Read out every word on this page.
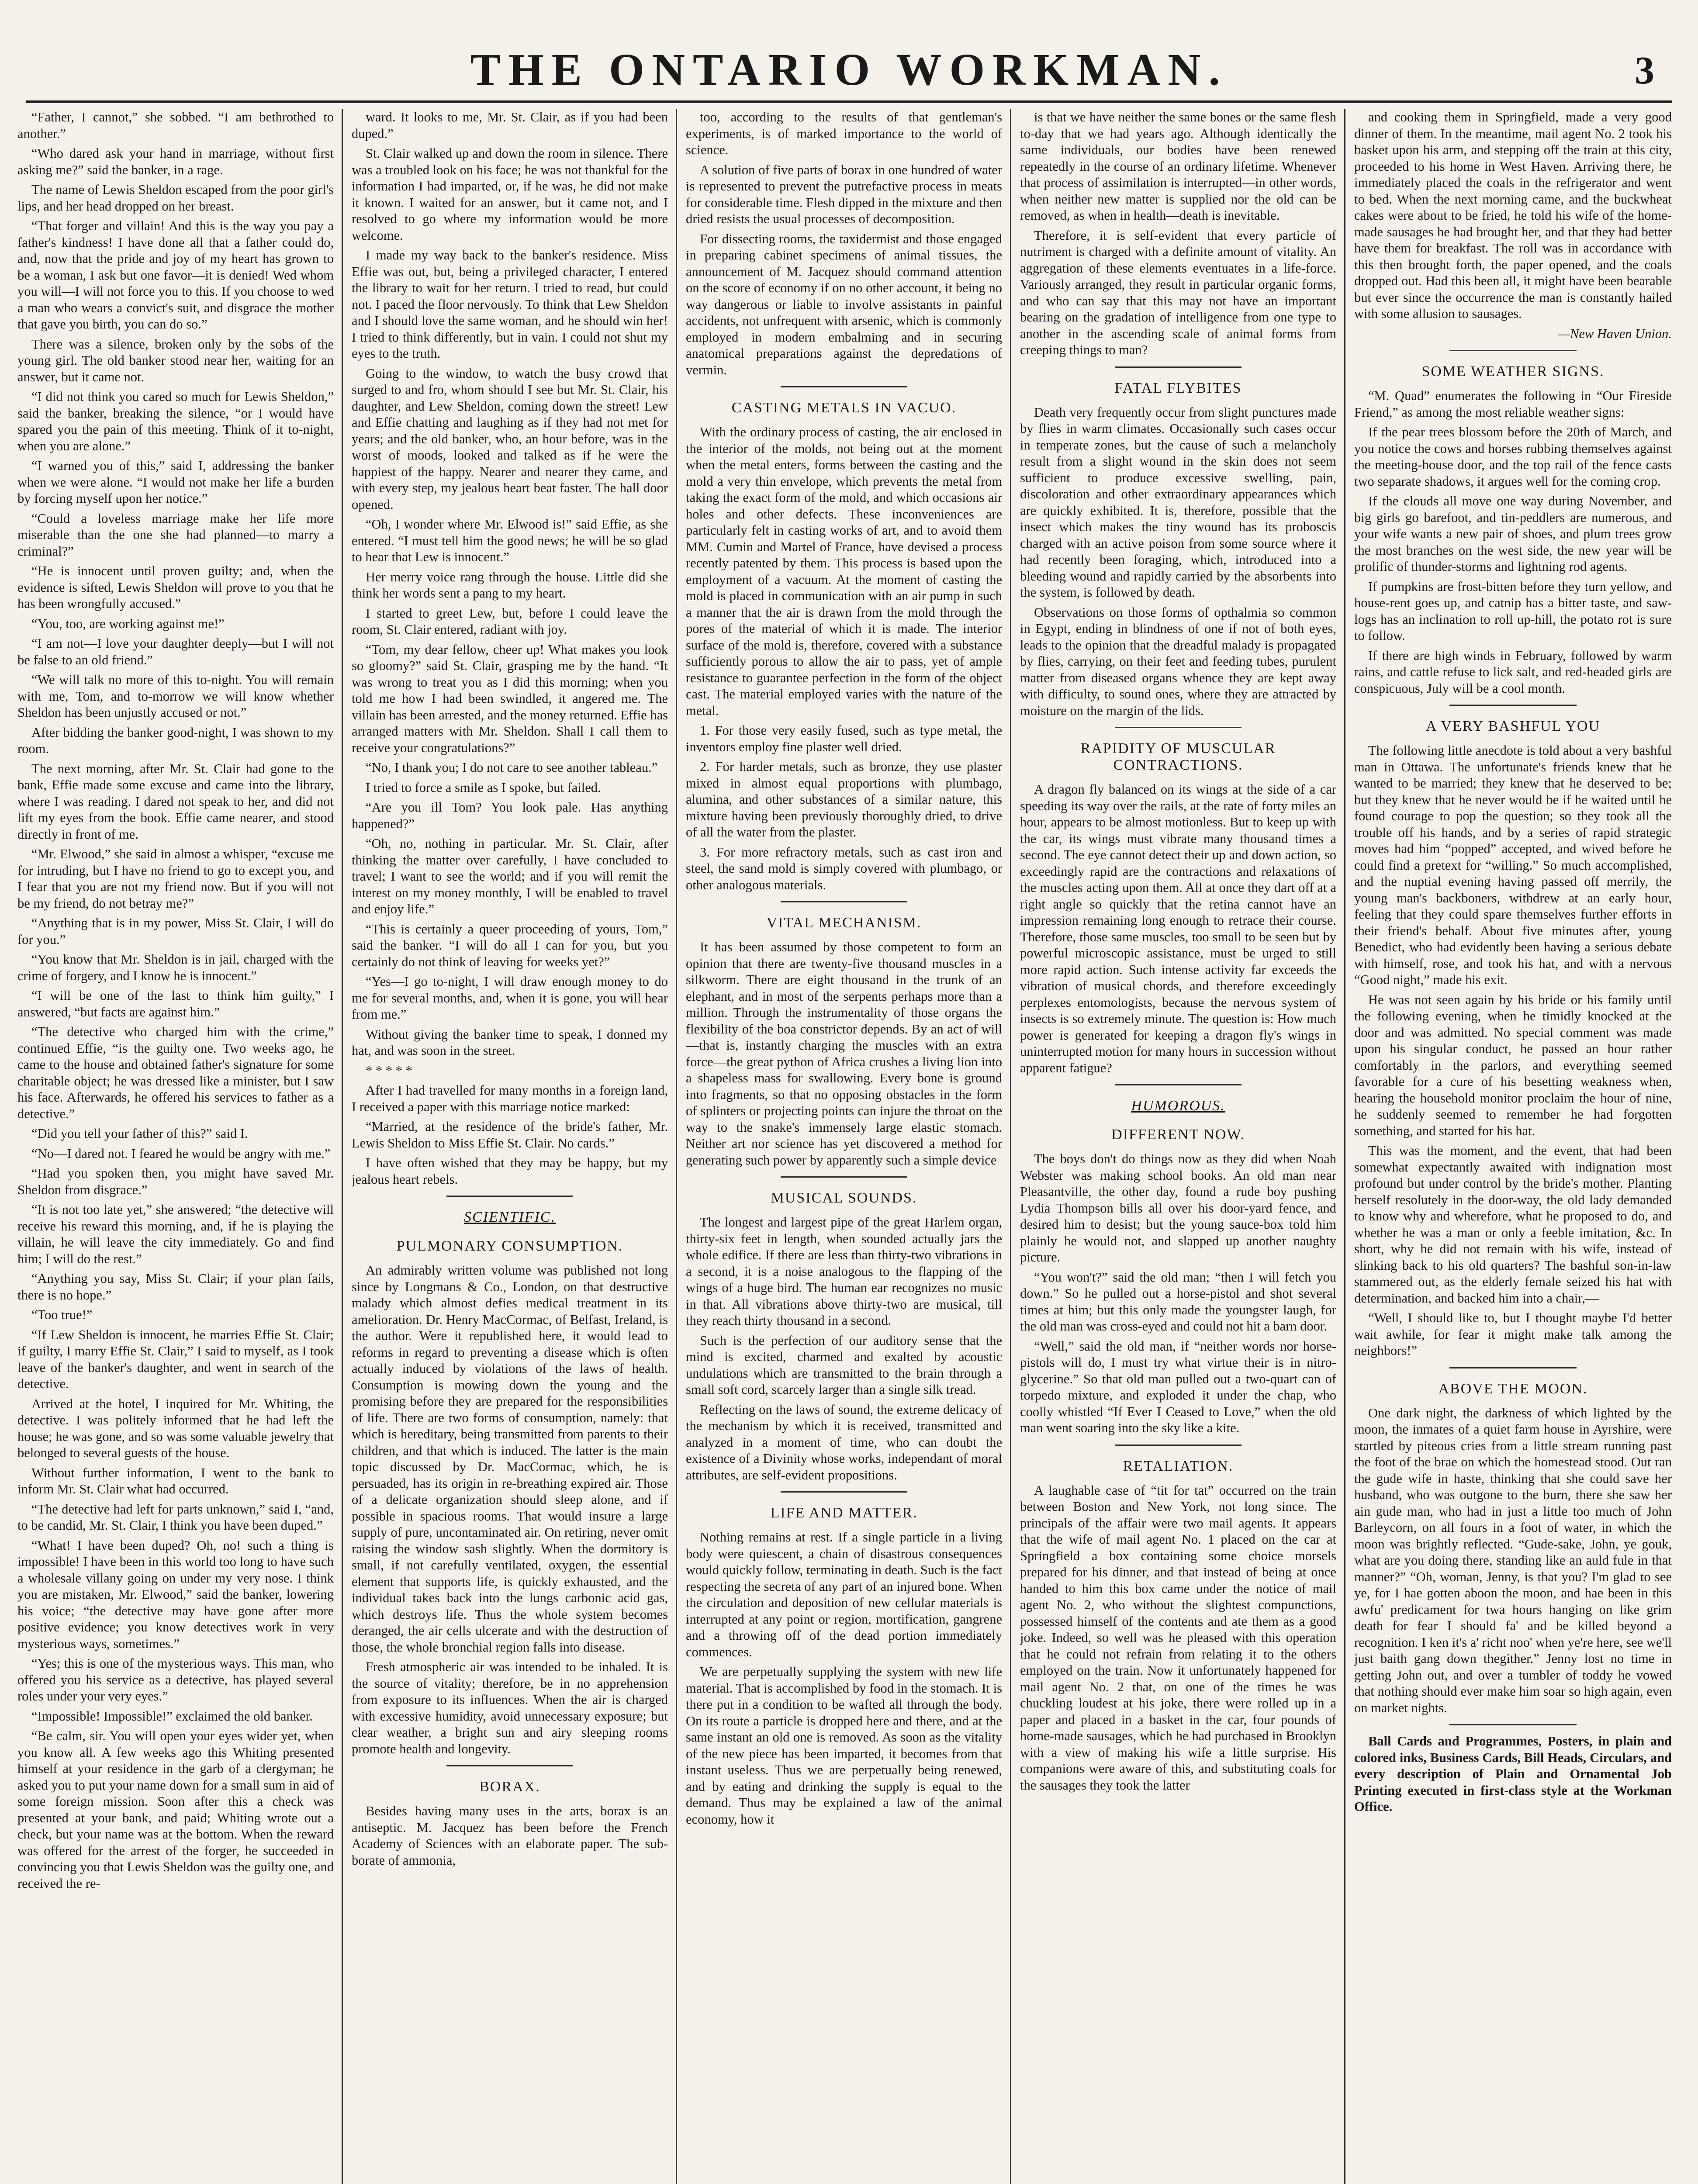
THE ONTARIO WORKMAN.	3

“Father, I cannot,” she sobbed. “I am bethrothed to another.”

“Who dared ask your hand in marriage, without first asking me?” said the banker, in a rage.

The name of Lewis Sheldon escaped from the poor girl's lips, and her head dropped on her breast.

“That forger and villain! And this is the way you pay a father's kindness! I have done all that a father could do, and, now that the pride and joy of my heart has grown to be a woman, I ask but one favor—it is denied! Wed whom you will—I will not force you to this. If you choose to wed a man who wears a convict's suit, and disgrace the mother that gave you birth, you can do so.”

There was a silence, broken only by the sobs of the young girl. The old banker stood near her, waiting for an answer, but it came not.

“I did not think you cared so much for Lewis Sheldon,” said the banker, breaking the silence, “or I would have spared you the pain of this meeting. Think of it to-night, when you are alone.”

“I warned you of this,” said I, addressing the banker when we were alone. “I would not make her life a burden by forcing myself upon her notice.”

“Could a loveless marriage make her life more miserable than the one she had planned—to marry a criminal?”

“He is innocent until proven guilty; and, when the evidence is sifted, Lewis Sheldon will prove to you that he has been wrongfully accused.”

“You, too, are working against me!”

“I am not—I love your daughter deeply—but I will not be false to an old friend.”

“We will talk no more of this to-night. You will remain with me, Tom, and to-morrow we will know whether Sheldon has been unjustly accused or not.”

After bidding the banker good-night, I was shown to my room.

The next morning, after Mr. St. Clair had gone to the bank, Effie made some excuse and came into the library, where I was reading. I dared not speak to her, and did not lift my eyes from the book. Effie came nearer, and stood directly in front of me.

“Mr. Elwood,” she said in almost a whisper, “excuse me for intruding, but I have no friend to go to except you, and I fear that you are not my friend now. But if you will not be my friend, do not betray me?”

“Anything that is in my power, Miss St. Clair, I will do for you.”

“You know that Mr. Sheldon is in jail, charged with the crime of forgery, and I know he is innocent.”

“I will be one of the last to think him guilty,” I answered, “but facts are against him.”

“The detective who charged him with the crime,” continued Effie, “is the guilty one. Two weeks ago, he came to the house and obtained father's signature for some charitable object; he was dressed like a minister, but I saw his face. Afterwards, he offered his services to father as a detective.”

“Did you tell your father of this?” said I.

“No—I dared not. I feared he would be angry with me.”

“Had you spoken then, you might have saved Mr. Sheldon from disgrace.”

“It is not too late yet,” she answered; “the detective will receive his reward this morning, and, if he is playing the villain, he will leave the city immediately. Go and find him; I will do the rest.”

“Anything you say, Miss St. Clair; if your plan fails, there is no hope.”

“Too true!”

“If Lew Sheldon is innocent, he marries Effie St. Clair; if guilty, I marry Effie St. Clair,” I said to myself, as I took leave of the banker's daughter, and went in search of the detective.

Arrived at the hotel, I inquired for Mr. Whiting, the detective. I was politely informed that he had left the house; he was gone, and so was some valuable jewelry that belonged to several guests of the house.

Without further information, I went to the bank to inform Mr. St. Clair what had occurred.

“The detective had left for parts unknown,” said I, “and, to be candid, Mr. St. Clair, I think you have been duped.”

“What! I have been duped? Oh, no! such a thing is impossible! I have been in this world too long to have such a wholesale villany going on under my very nose. I think you are mistaken, Mr. Elwood,” said the banker, lowering his voice; “the detective may have gone after more positive evidence; you know detectives work in very mysterious ways, sometimes.”

“Yes; this is one of the mysterious ways. This man, who offered you his service as a detective, has played several roles under your very eyes.”

“Impossible! Impossible!” exclaimed the old banker.

“Be calm, sir. You will open your eyes wider yet, when you know all. A few weeks ago this Whiting presented himself at your residence in the garb of a clergyman; he asked you to put your name down for a small sum in aid of some foreign mission. Soon after this a check was presented at your bank, and paid; Whiting wrote out a check, but your name was at the bottom. When the reward was offered for the arrest of the forger, he succeeded in convincing you that Lewis Sheldon was the guilty one, and received the re-

ward. It looks to me, Mr. St. Clair, as if you had been duped.”

St. Clair walked up and down the room in silence. There was a troubled look on his face; he was not thankful for the information I had imparted, or, if he was, he did not make it known. I waited for an answer, but it came not, and I resolved to go where my information would be more welcome.

I made my way back to the banker's residence. Miss Effie was out, but, being a privileged character, I entered the library to wait for her return. I tried to read, but could not. I paced the floor nervously. To think that Lew Sheldon and I should love the same woman, and he should win her! I tried to think differently, but in vain. I could not shut my eyes to the truth.

Going to the window, to watch the busy crowd that surged to and fro, whom should I see but Mr. St. Clair, his daughter, and Lew Sheldon, coming down the street! Lew and Effie chatting and laughing as if they had not met for years; and the old banker, who, an hour before, was in the worst of moods, looked and talked as if he were the happiest of the happy. Nearer and nearer they came, and with every step, my jealous heart beat faster. The hall door opened.

“Oh, I wonder where Mr. Elwood is!” said Effie, as she entered. “I must tell him the good news; he will be so glad to hear that Lew is innocent.”

Her merry voice rang through the house. Little did she think her words sent a pang to my heart.

I started to greet Lew, but, before I could leave the room, St. Clair entered, radiant with joy.

“Tom, my dear fellow, cheer up! What makes you look so gloomy?” said St. Clair, grasping me by the hand. “It was wrong to treat you as I did this morning; when you told me how I had been swindled, it angered me. The villain has been arrested, and the money returned. Effie has arranged matters with Mr. Sheldon. Shall I call them to receive your congratulations?”

“No, I thank you; I do not care to see another tableau.”

I tried to force a smile as I spoke, but failed.

“Are you ill Tom? You look pale. Has anything happened?”

“Oh, no, nothing in particular. Mr. St. Clair, after thinking the matter over carefully, I have concluded to travel; I want to see the world; and if you will remit the interest on my money monthly, I will be enabled to travel and enjoy life.”

“This is certainly a queer proceeding of yours, Tom,” said the banker. “I will do all I can for you, but you certainly do not think of leaving for weeks yet?”

“Yes—I go to-night, I will draw enough money to do me for several months, and, when it is gone, you will hear from me.”

Without giving the banker time to speak, I donned my hat, and was soon in the street.

* * * * *

After I had travelled for many months in a foreign land, I received a paper with this marriage notice marked:

“Married, at the residence of the bride's father, Mr. Lewis Sheldon to Miss Effie St. Clair. No cards.”

I have often wished that they may be happy, but my jealous heart rebels.

SCIENTIFIC.
PULMONARY CONSUMPTION.

An admirably written volume was published not long since by Longmans & Co., London, on that destructive malady which almost defies medical treatment in its amelioration. Dr. Henry MacCormac, of Belfast, Ireland, is the author. Were it republished here, it would lead to reforms in regard to preventing a disease which is often actually induced by violations of the laws of health. Consumption is mowing down the young and the promising before they are prepared for the responsibilities of life. There are two forms of consumption, namely: that which is hereditary, being transmitted from parents to their children, and that which is induced. The latter is the main topic discussed by Dr. MacCormac, which, he is persuaded, has its origin in re-breathing expired air. Those of a delicate organization should sleep alone, and if possible in spacious rooms. That would insure a large supply of pure, uncontaminated air. On retiring, never omit raising the window sash slightly. When the dormitory is small, if not carefully ventilated, oxygen, the essential element that supports life, is quickly exhausted, and the individual takes back into the lungs carbonic acid gas, which destroys life. Thus the whole system becomes deranged, the air cells ulcerate and with the destruction of those, the whole bronchial region falls into disease.

Fresh atmospheric air was intended to be inhaled. It is the source of vitality; therefore, be in no apprehension from exposure to its influences. When the air is charged with excessive humidity, avoid unnecessary exposure; but clear weather, a bright sun and airy sleeping rooms promote health and longevity.

BORAX.

Besides having many uses in the arts, borax is an antiseptic. M. Jacquez has been before the French Academy of Sciences with an elaborate paper. The sub-borate of ammonia,

too, according to the results of that gentleman's experiments, is of marked importance to the world of science.

A solution of five parts of borax in one hundred of water is represented to prevent the putrefactive process in meats for considerable time. Flesh dipped in the mixture and then dried resists the usual processes of decomposition.

For dissecting rooms, the taxidermist and those engaged in preparing cabinet specimens of animal tissues, the announcement of M. Jacquez should command attention on the score of economy if on no other account, it being no way dangerous or liable to involve assistants in painful accidents, not unfrequent with arsenic, which is commonly employed in modern embalming and in securing anatomical preparations against the depredations of vermin.

CASTING METALS IN VACUO.

With the ordinary process of casting, the air enclosed in the interior of the molds, not being out at the moment when the metal enters, forms between the casting and the mold a very thin envelope, which prevents the metal from taking the exact form of the mold, and which occasions air holes and other defects. These inconveniences are particularly felt in casting works of art, and to avoid them MM. Cumin and Martel of France, have devised a process recently patented by them. This process is based upon the employment of a vacuum. At the moment of casting the mold is placed in communication with an air pump in such a manner that the air is drawn from the mold through the pores of the material of which it is made. The interior surface of the mold is, therefore, covered with a substance sufficiently porous to allow the air to pass, yet of ample resistance to guarantee perfection in the form of the object cast. The material employed varies with the nature of the metal.

1. For those very easily fused, such as type metal, the inventors employ fine plaster well dried.

2. For harder metals, such as bronze, they use plaster mixed in almost equal proportions with plumbago, alumina, and other substances of a similar nature, this mixture having been previously thoroughly dried, to drive of all the water from the plaster.

3. For more refractory metals, such as cast iron and steel, the sand mold is simply covered with plumbago, or other analogous materials.

VITAL MECHANISM.

It has been assumed by those competent to form an opinion that there are twenty-five thousand muscles in a silkworm. There are eight thousand in the trunk of an elephant, and in most of the serpents perhaps more than a million. Through the instrumentality of those organs the flexibility of the boa constrictor depends. By an act of will—that is, instantly charging the muscles with an extra force—the great python of Africa crushes a living lion into a shapeless mass for swallowing. Every bone is ground into fragments, so that no opposing obstacles in the form of splinters or projecting points can injure the throat on the way to the snake's immensely large elastic stomach. Neither art nor science has yet discovered a method for generating such power by apparently such a simple device

MUSICAL SOUNDS.

The longest and largest pipe of the great Harlem organ, thirty-six feet in length, when sounded actually jars the whole edifice. If there are less than thirty-two vibrations in a second, it is a noise analogous to the flapping of the wings of a huge bird. The human ear recognizes no music in that. All vibrations above thirty-two are musical, till they reach thirty thousand in a second.

Such is the perfection of our auditory sense that the mind is excited, charmed and exalted by acoustic undulations which are transmitted to the brain through a small soft cord, scarcely larger than a single silk tread.

Reflecting on the laws of sound, the extreme delicacy of the mechanism by which it is received, transmitted and analyzed in a moment of time, who can doubt the existence of a Divinity whose works, independant of moral attributes, are self-evident propositions.

LIFE AND MATTER.

Nothing remains at rest. If a single particle in a living body were quiescent, a chain of disastrous consequences would quickly follow, terminating in death. Such is the fact respecting the secreta of any part of an injured bone. When the circulation and deposition of new cellular materials is interrupted at any point or region, mortification, gangrene and a throwing off of the dead portion immediately commences.

We are perpetually supplying the system with new life material. That is accomplished by food in the stomach. It is there put in a condition to be wafted all through the body. On its route a particle is dropped here and there, and at the same instant an old one is removed. As soon as the vitality of the new piece has been imparted, it becomes from that instant useless. Thus we are perpetually being renewed, and by eating and drinking the supply is equal to the demand. Thus may be explained a law of the animal economy, how it

is that we have neither the same bones or the same flesh to-day that we had years ago. Although identically the same individuals, our bodies have been renewed repeatedly in the course of an ordinary lifetime. Whenever that process of assimilation is interrupted—in other words, when neither new matter is supplied nor the old can be removed, as when in health—death is inevitable.

Therefore, it is self-evident that every particle of nutriment is charged with a definite amount of vitality. An aggregation of these elements eventuates in a life-force. Variously arranged, they result in particular organic forms, and who can say that this may not have an important bearing on the gradation of intelligence from one type to another in the ascending scale of animal forms from creeping things to man?

FATAL FLYBITES

Death very frequently occur from slight punctures made by flies in warm climates. Occasionally such cases occur in temperate zones, but the cause of such a melancholy result from a slight wound in the skin does not seem sufficient to produce excessive swelling, pain, discoloration and other extraordinary appearances which are quickly exhibited. It is, therefore, possible that the insect which makes the tiny wound has its proboscis charged with an active poison from some source where it had recently been foraging, which, introduced into a bleeding wound and rapidly carried by the absorbents into the system, is followed by death.

Observations on those forms of opthalmia so common in Egypt, ending in blindness of one if not of both eyes, leads to the opinion that the dreadful malady is propagated by flies, carrying, on their feet and feeding tubes, purulent matter from diseased organs whence they are kept away with difficulty, to sound ones, where they are attracted by moisture on the margin of the lids.

RAPIDITY OF MUSCULAR CONTRACTIONS.

A dragon fly balanced on its wings at the side of a car speeding its way over the rails, at the rate of forty miles an hour, appears to be almost motionless. But to keep up with the car, its wings must vibrate many thousand times a second. The eye cannot detect their up and down action, so exceedingly rapid are the contractions and relaxations of the muscles acting upon them. All at once they dart off at a right angle so quickly that the retina cannot have an impression remaining long enough to retrace their course. Therefore, those same muscles, too small to be seen but by powerful microscopic assistance, must be urged to still more rapid action. Such intense activity far exceeds the vibration of musical chords, and therefore exceedingly perplexes entomologists, because the nervous system of insects is so extremely minute. The question is: How much power is generated for keeping a dragon fly's wings in uninterrupted motion for many hours in succession without apparent fatigue?

HUMOROUS.
DIFFERENT NOW.

The boys don't do things now as they did when Noah Webster was making school books. An old man near Pleasantville, the other day, found a rude boy pushing Lydia Thompson bills all over his door-yard fence, and desired him to desist; but the young sauce-box told him plainly he would not, and slapped up another naughty picture.

“You won't?” said the old man; “then I will fetch you down.” So he pulled out a horse-pistol and shot several times at him; but this only made the youngster laugh, for the old man was cross-eyed and could not hit a barn door.

“Well,” said the old man, if “neither words nor horse-pistols will do, I must try what virtue their is in nitro-glycerine.” So that old man pulled out a two-quart can of torpedo mixture, and exploded it under the chap, who coolly whistled “If Ever I Ceased to Love,” when the old man went soaring into the sky like a kite.

RETALIATION.

A laughable case of “tit for tat” occurred on the train between Boston and New York, not long since. The principals of the affair were two mail agents. It appears that the wife of mail agent No. 1 placed on the car at Springfield a box containing some choice morsels prepared for his dinner, and that instead of being at once handed to him this box came under the notice of mail agent No. 2, who without the slightest compunctions, possessed himself of the contents and ate them as a good joke. Indeed, so well was he pleased with this operation that he could not refrain from relating it to the others employed on the train. Now it unfortunately happened for mail agent No. 2 that, on one of the times he was chuckling loudest at his joke, there were rolled up in a paper and placed in a basket in the car, four pounds of home-made sausages, which he had purchased in Brooklyn with a view of making his wife a little surprise. His companions were aware of this, and substituting coals for the sausages they took the latter

and cooking them in Springfield, made a very good dinner of them. In the meantime, mail agent No. 2 took his basket upon his arm, and stepping off the train at this city, proceeded to his home in West Haven. Arriving there, he immediately placed the coals in the refrigerator and went to bed. When the next morning came, and the buckwheat cakes were about to be fried, he told his wife of the home-made sausages he had brought her, and that they had better have them for breakfast. The roll was in accordance with this then brought forth, the paper opened, and the coals dropped out. Had this been all, it might have been bearable but ever since the occurrence the man is constantly hailed with some allusion to sausages.

—New Haven Union.

SOME WEATHER SIGNS.

“M. Quad” enumerates the following in “Our Fireside Friend,” as among the most reliable weather signs:

If the pear trees blossom before the 20th of March, and you notice the cows and horses rubbing themselves against the meeting-house door, and the top rail of the fence casts two separate shadows, it argues well for the coming crop.

If the clouds all move one way during November, and big girls go barefoot, and tin-peddlers are numerous, and your wife wants a new pair of shoes, and plum trees grow the most branches on the west side, the new year will be prolific of thunder-storms and lightning rod agents.

If pumpkins are frost-bitten before they turn yellow, and house-rent goes up, and catnip has a bitter taste, and saw-logs has an inclination to roll up-hill, the potato rot is sure to follow.

If there are high winds in February, followed by warm rains, and cattle refuse to lick salt, and red-headed girls are conspicuous, July will be a cool month.

A VERY BASHFUL YOU

The following little anecdote is told about a very bashful man in Ottawa. The unfortunate's friends knew that he wanted to be married; they knew that he deserved to be; but they knew that he never would be if he waited until he found courage to pop the question; so they took all the trouble off his hands, and by a series of rapid strategic moves had him “popped” accepted, and wived before he could find a pretext for “willing.” So much accomplished, and the nuptial evening having passed off merrily, the young man's backboners, withdrew at an early hour, feeling that they could spare themselves further efforts in their friend's behalf. About five minutes after, young Benedict, who had evidently been having a serious debate with himself, rose, and took his hat, and with a nervous “Good night,” made his exit.

He was not seen again by his bride or his family until the following evening, when he timidly knocked at the door and was admitted. No special comment was made upon his singular conduct, he passed an hour rather comfortably in the parlors, and everything seemed favorable for a cure of his besetting weakness when, hearing the household monitor proclaim the hour of nine, he suddenly seemed to remember he had forgotten something, and started for his hat.

This was the moment, and the event, that had been somewhat expectantly awaited with indignation most profound but under control by the bride's mother. Planting herself resolutely in the door-way, the old lady demanded to know why and wherefore, what he proposed to do, and whether he was a man or only a feeble imitation, &c. In short, why he did not remain with his wife, instead of slinking back to his old quarters? The bashful son-in-law stammered out, as the elderly female seized his hat with determination, and backed him into a chair,—

“Well, I should like to, but I thought maybe I'd better wait awhile, for fear it might make talk among the neighbors!”

ABOVE THE MOON.

One dark night, the darkness of which lighted by the moon, the inmates of a quiet farm house in Ayrshire, were startled by piteous cries from a little stream running past the foot of the brae on which the homestead stood. Out ran the gude wife in haste, thinking that she could save her husband, who was outgone to the burn, there she saw her ain gude man, who had in just a little too much of John Barleycorn, on all fours in a foot of water, in which the moon was brightly reflected. “Gude-sake, John, ye gouk, what are you doing there, standing like an auld fule in that manner?” “Oh, woman, Jenny, is that you? I'm glad to see ye, for I hae gotten aboon the moon, and hae been in this awfu' predicament for twa hours hanging on like grim death for fear I should fa' and be killed beyond a recognition. I ken it's a' richt noo' when ye're here, see we'll just baith gang down thegither.” Jenny lost no time in getting John out, and over a tumbler of toddy he vowed that nothing should ever make him soar so high again, even on market nights.

Ball Cards and Programmes, Posters, in plain and colored inks, Business Cards, Bill Heads, Circulars, and every description of Plain and Ornamental Job Printing executed in first-class style at the Workman Office.
